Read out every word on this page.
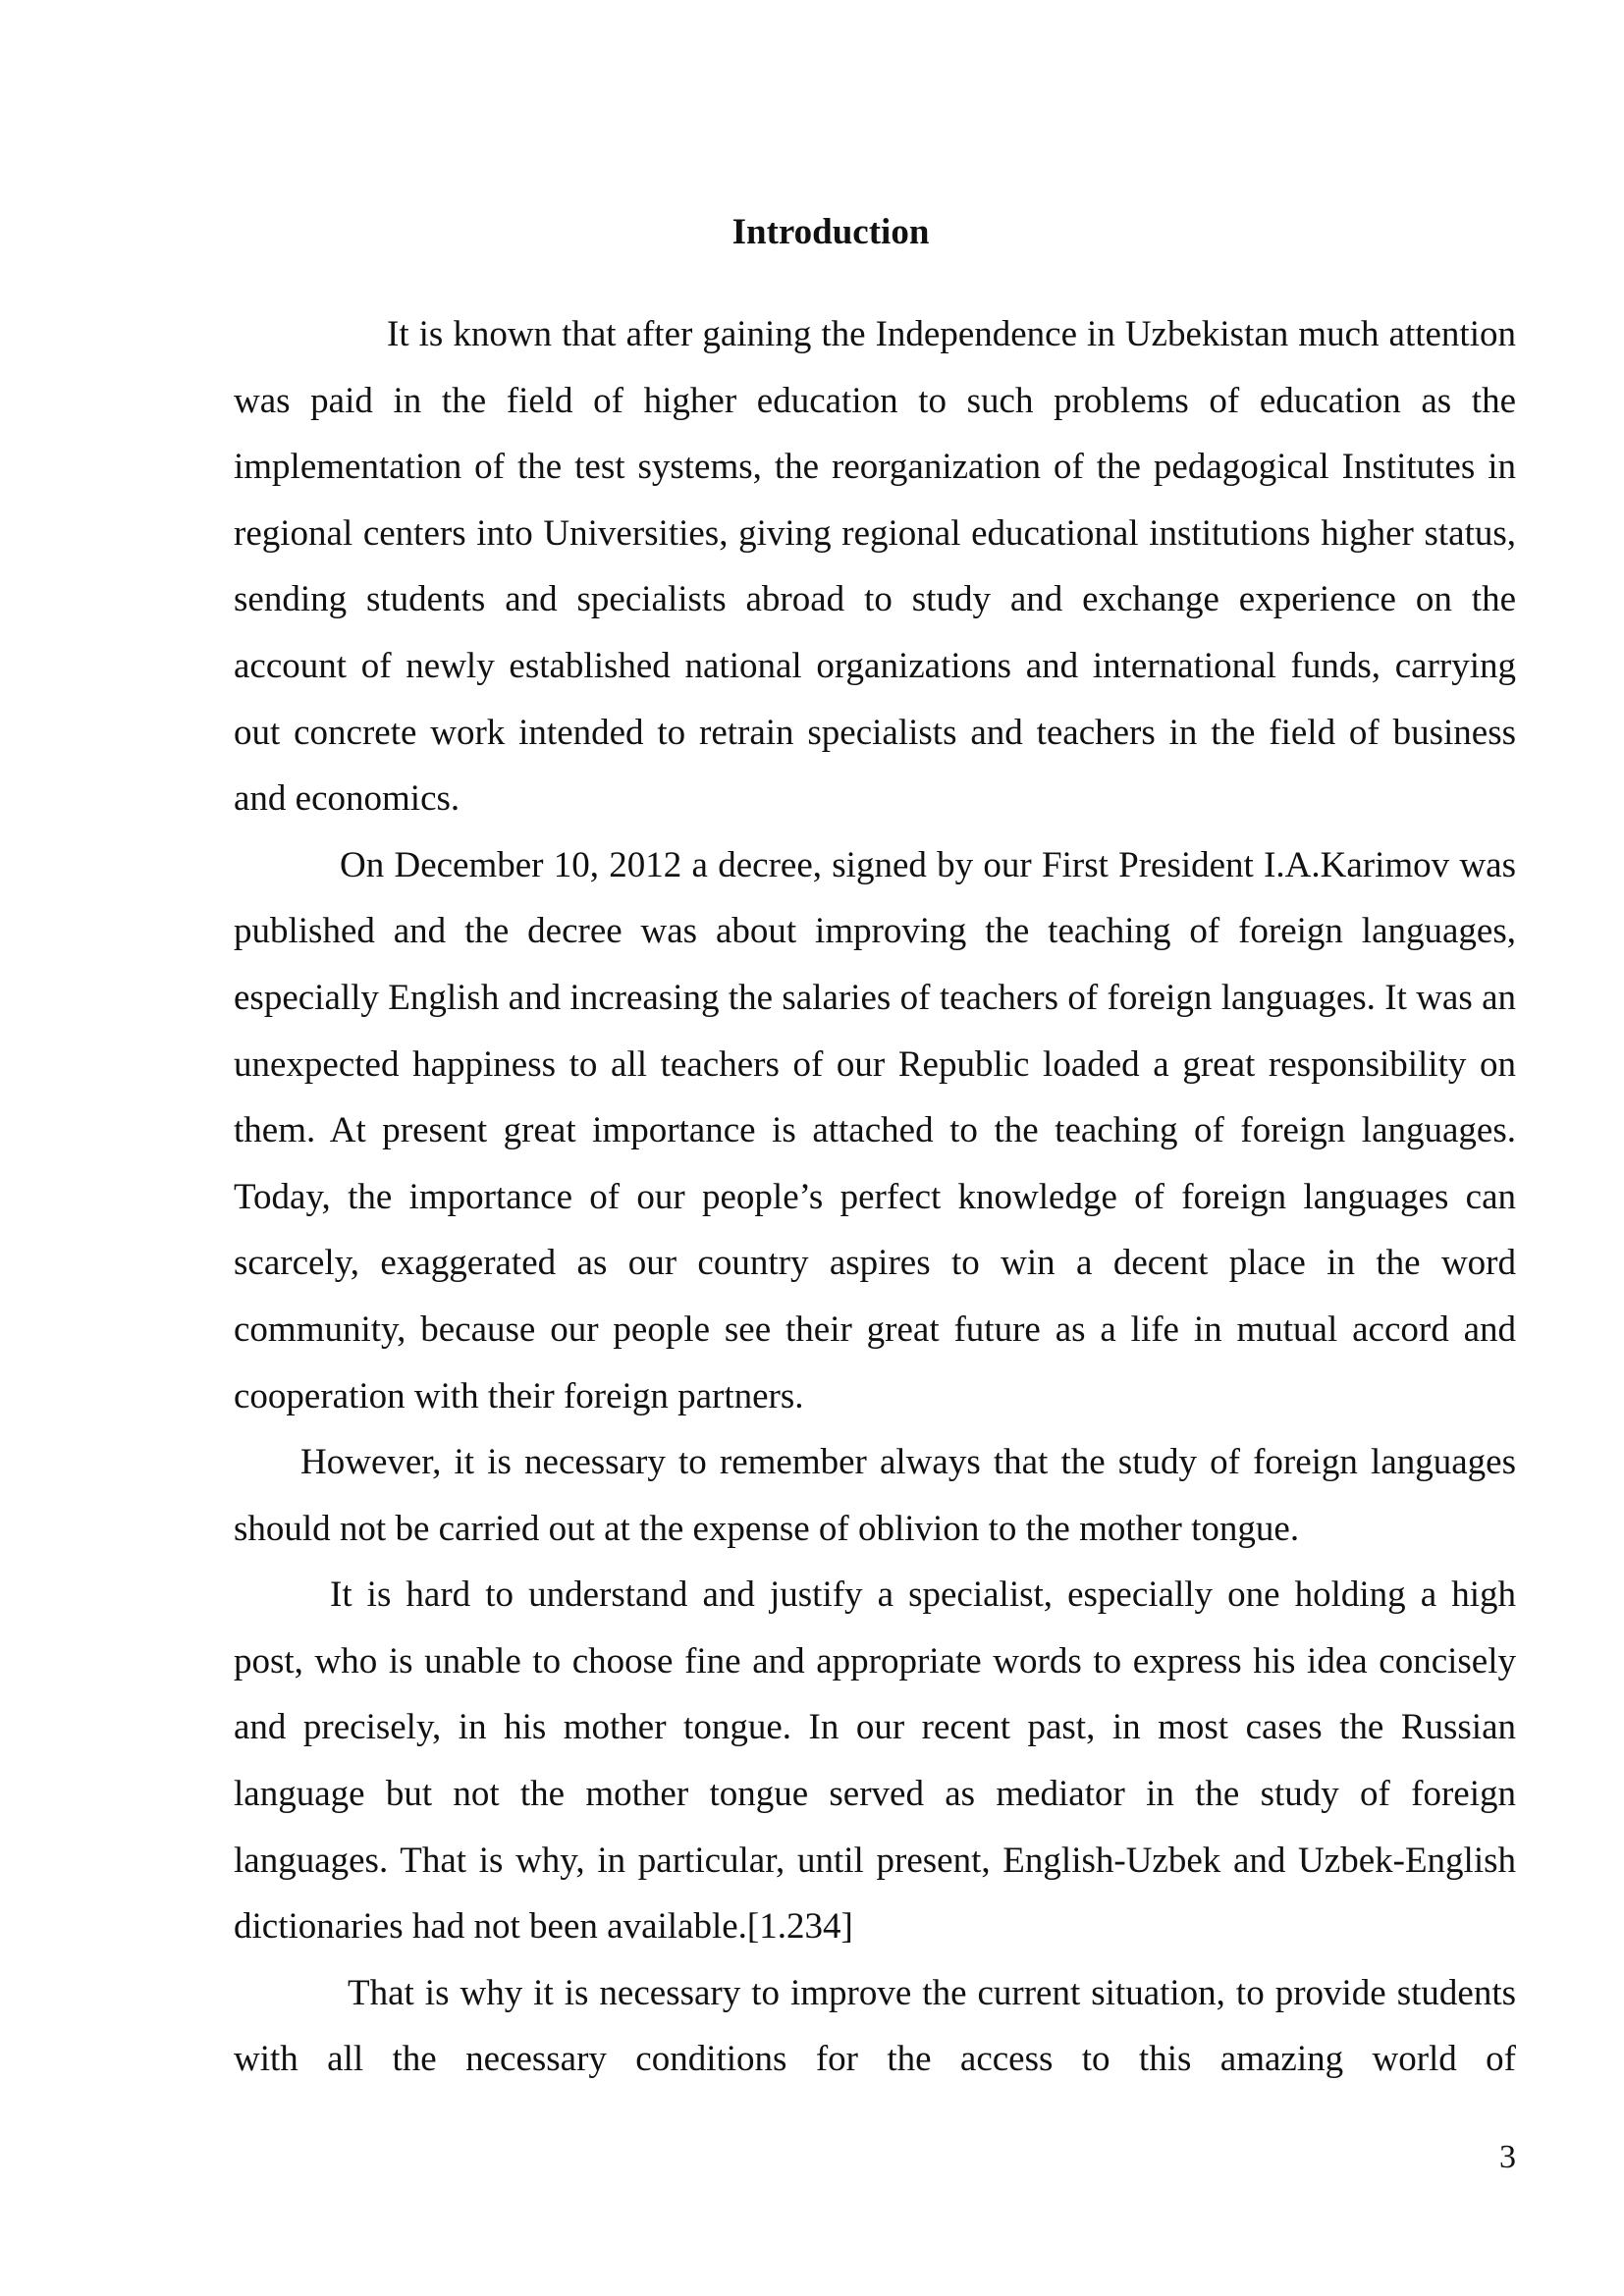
Introduction

It is known that after gaining the Independence in Uzbekistan much attention was paid in the field of higher education to such problems of education as the implementation of the test systems, the reorganization of the pedagogical Institutes in regional centers into Universities, giving regional educational institutions higher status, sending students and specialists abroad to study and exchange experience on the account of newly established national organizations and international funds, carrying out concrete work intended to retrain specialists and teachers in the field of business and economics.

On December 10, 2012 a decree, signed by our First President I.A.Karimov was published and the decree was about improving the teaching of foreign languages, especially English and increasing the salaries of teachers of foreign languages. It was an unexpected happiness to all teachers of our Republic loaded a great responsibility on them. At present great importance is attached to the teaching of foreign languages. Today, the importance of our people’s perfect knowledge of foreign languages can scarcely, exaggerated as our country aspires to win a decent place in the word community, because our people see their great future as a life in mutual accord and cooperation with their foreign partners.

However, it is necessary to remember always that the study of foreign languages should not be carried out at the expense of oblivion to the mother tongue.

It is hard to understand and justify a specialist, especially one holding a high post, who is unable to choose fine and appropriate words to express his idea concisely and precisely, in his mother tongue. In our recent past, in most cases the Russian language but not the mother tongue served as mediator in the study of foreign languages. That is why, in particular, until present, English-Uzbek and Uzbek-English dictionaries had not been available.[1.234]

That is why it is necessary to improve the current situation, to provide students with all the necessary conditions for the access to this amazing world of

3
